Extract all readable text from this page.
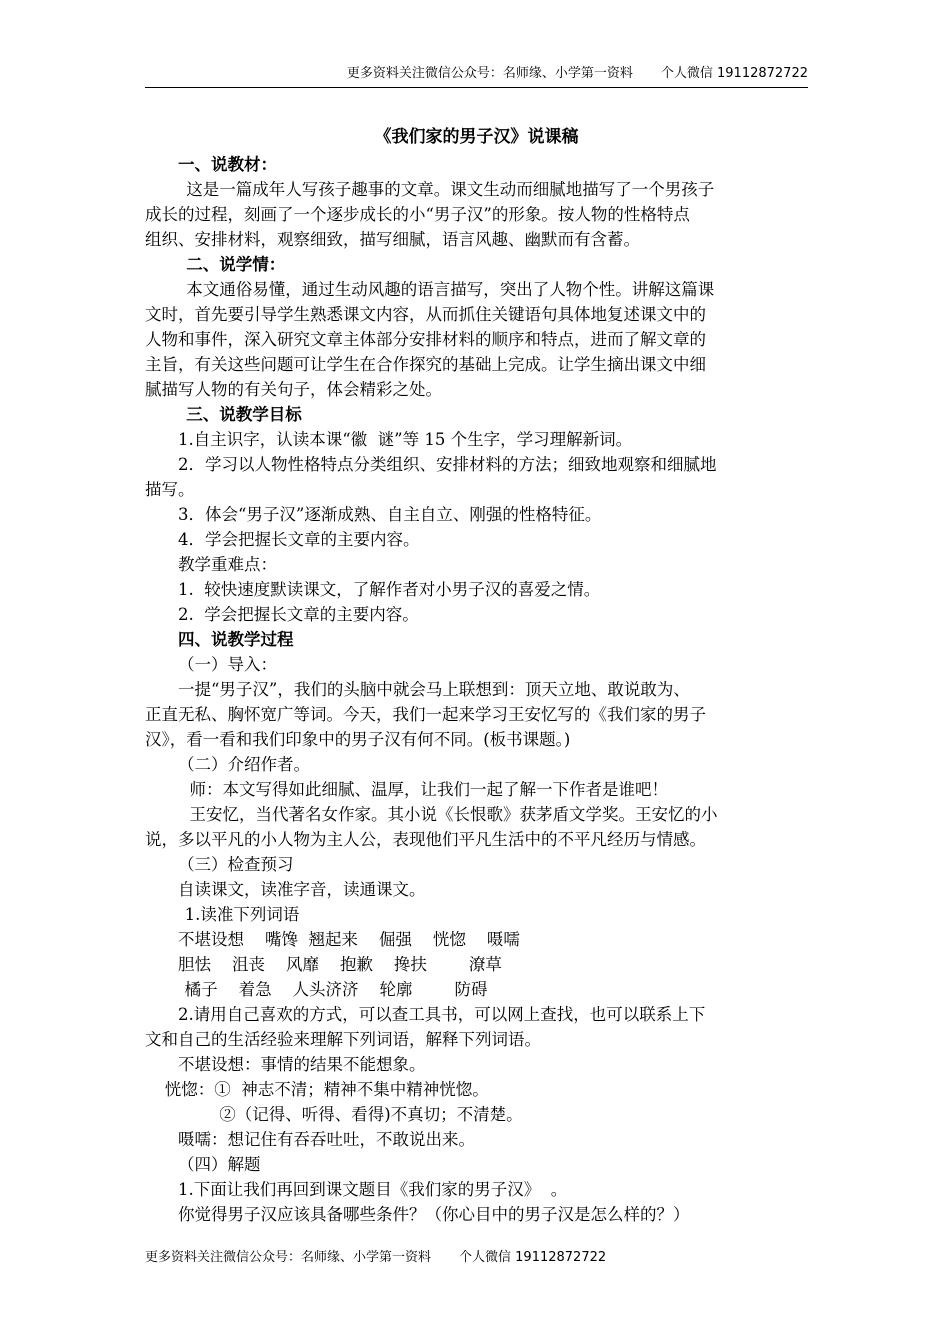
更多资料关注微信公众号：名师缘、小学第一资料 个人微信 19112872722

《我们家的男子汉》说课稿

一、说教材：

这是一篇成年人写孩子趣事的文章。课文生动而细腻地描写了一个男孩子

成长的过程，刻画了一个逐步成长的小“男子汉”的形象。按人物的性格特点

组织、安排材料，观察细致，描写细腻，语言风趣、幽默而有含蓄。

二、说学情：

本文通俗易懂，通过生动风趣的语言描写，突出了人物个性。讲解这篇课

文时，首先要引导学生熟悉课文内容，从而抓住关键语句具体地复述课文中的

人物和事件，深入研究文章主体部分安排材料的顺序和特点，进而了解文章的

主旨，有关这些问题可让学生在合作探究的基础上完成。让学生摘出课文中细

腻描写人物的有关句子，体会精彩之处。

三、说教学目标

1.自主识字，认读本课“徽  谜”等 15 个生字，学习理解新词。

2．学习以人物性格特点分类组织、安排材料的方法；细致地观察和细腻地

描写。

3．体会“男子汉”逐渐成熟、自主自立、刚强的性格特征。

4．学会把握长文章的主要内容。

教学重难点：

1.  较快速度默读课文，了解作者对小男子汉的喜爱之情。

2.  学会把握长文章的主要内容。

四、说教学过程

（一）导入：

一提“男子汉”，我们的头脑中就会马上联想到：顶天立地、敢说敢为、

正直无私、胸怀宽广等词。今天，我们一起来学习王安忆写的《我们家的男子

汉》，看一看和我们印象中的男子汉有何不同。(板书课题。)

（二）介绍作者。

师：本文写得如此细腻、温厚，让我们一起了解一下作者是谁吧！

王安忆，当代著名女作家。其小说《长恨歌》获茅盾文学奖。王安忆的小

说，多以平凡的小人物为主人公，表现他们平凡生活中的不平凡经历与情感。

（三）检查预习

自读课文，读准字音，读通课文。

1.读准下列词语

不堪设想    嘴馋  翘起来    倔强    恍惚    嗫嚅

胆怯    沮丧    风靡    抱歉    搀扶        潦草

橘子    着急    人头济济    轮廓        防碍

2.请用自己喜欢的方式，可以查工具书，可以网上查找，也可以联系上下

文和自己的生活经验来理解下列词语，解释下列词语。

不堪设想：事情的结果不能想象。

恍惚：①  神志不清；精神不集中精神恍惚。

②（记得、听得、看得)不真切；不清楚。

嗫嚅：想记住有吞吞吐吐，不敢说出来。

（四）解题

1.下面让我们再回到课文题目《我们家的男子汉》  。

你觉得男子汉应该具备哪些条件？（你心目中的男子汉是怎么样的？）

更多资料关注微信公众号：名师缘、小学第一资料 个人微信 19112872722
